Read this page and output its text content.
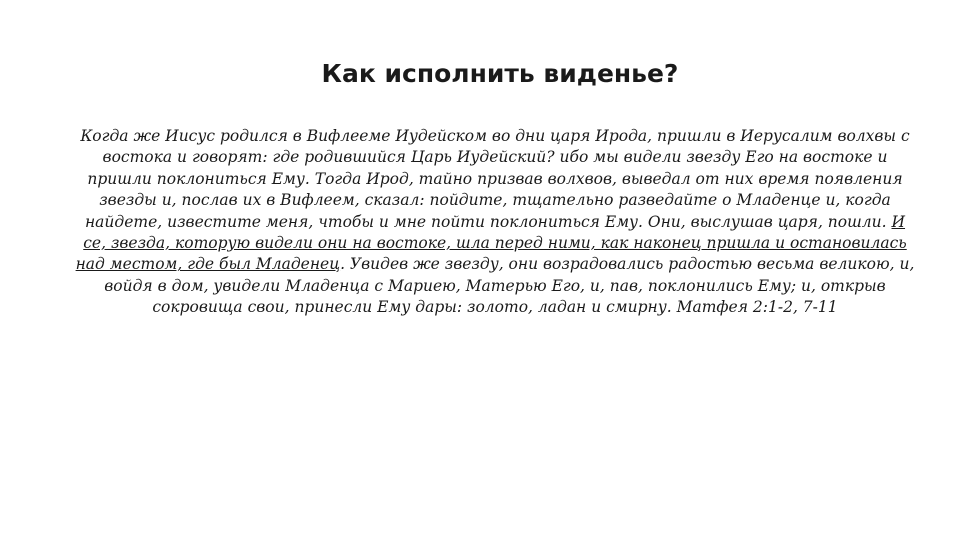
Как исполнить виденье?

Когда же Иисус родился в Вифлееме Иудейском во дни царя Ирода, пришли в Иерусалим волхвы с востока и говорят: где родившийся Царь Иудейский? ибо мы видели звезду Его на востоке и пришли поклониться Ему. Тогда Ирод, тайно призвав волхвов, выведал от них время появления звезды и, послав их в Вифлеем, сказал: пойдите, тщательно разведайте о Младенце и, когда найдете, известите меня, чтобы и мне пойти поклониться Ему. Они, выслушав царя, пошли. И се, звезда, которую видели они на востоке, шла перед ними, как наконец пришла и остановилась над местом, где был Младенец. Увидев же звезду, они возрадовались радостью весьма великою, и, войдя в дом, увидели Младенца с Мариею, Матерью Его, и, пав, поклонились Ему; и, открыв сокровища свои, принесли Ему дары: золото, ладан и смирну. Матфея 2:1-2, 7-11
